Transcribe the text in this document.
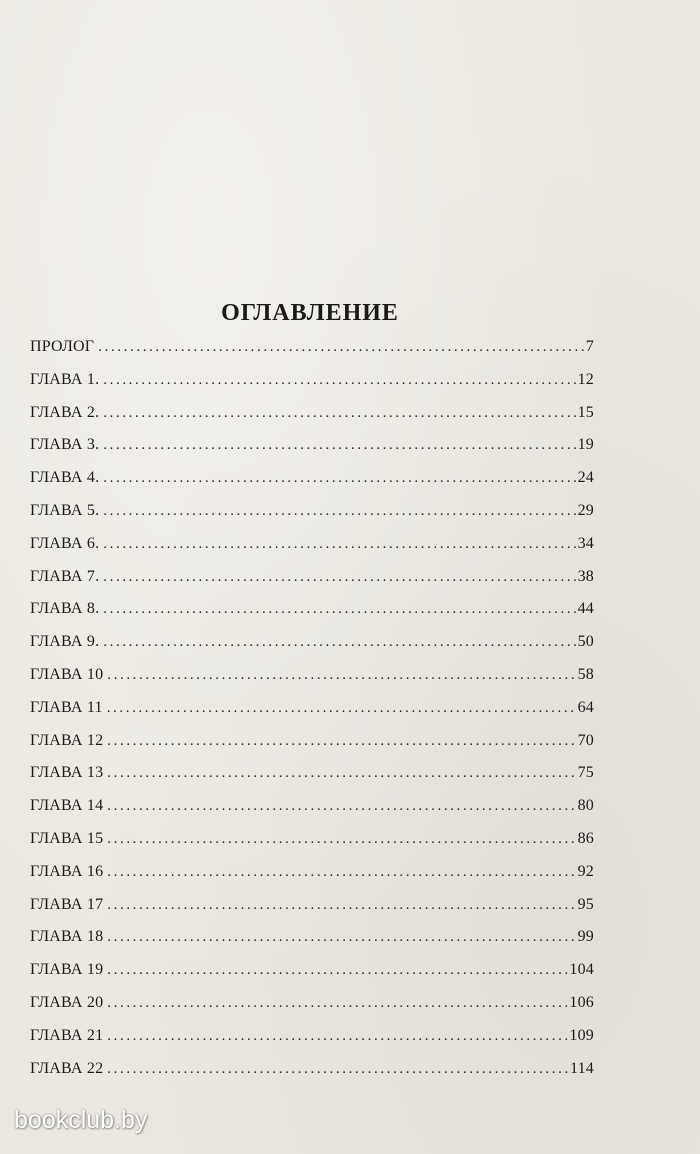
ОГЛАВЛЕНИЕ
ПРОЛОГ .....	7
ГЛАВА 1. .....	12
ГЛАВА 2. .....	15
ГЛАВА 3. .....	19
ГЛАВА 4. .....	24
ГЛАВА 5. .....	29
ГЛАВА 6. .....	34
ГЛАВА 7. .....	38
ГЛАВА 8. .....	44
ГЛАВА 9. .....	50
ГЛАВА 10 .....	58
ГЛАВА 11 .....	64
ГЛАВА 12 .....	70
ГЛАВА 13 .....	75
ГЛАВА 14 .....	80
ГЛАВА 15 .....	86
ГЛАВА 16 .....	92
ГЛАВА 17 .....	95
ГЛАВА 18 .....	99
ГЛАВА 19 .....	104
ГЛАВА 20 .....	106
ГЛАВА 21 .....	109
ГЛАВА 22 .....	114
bookclub.by
